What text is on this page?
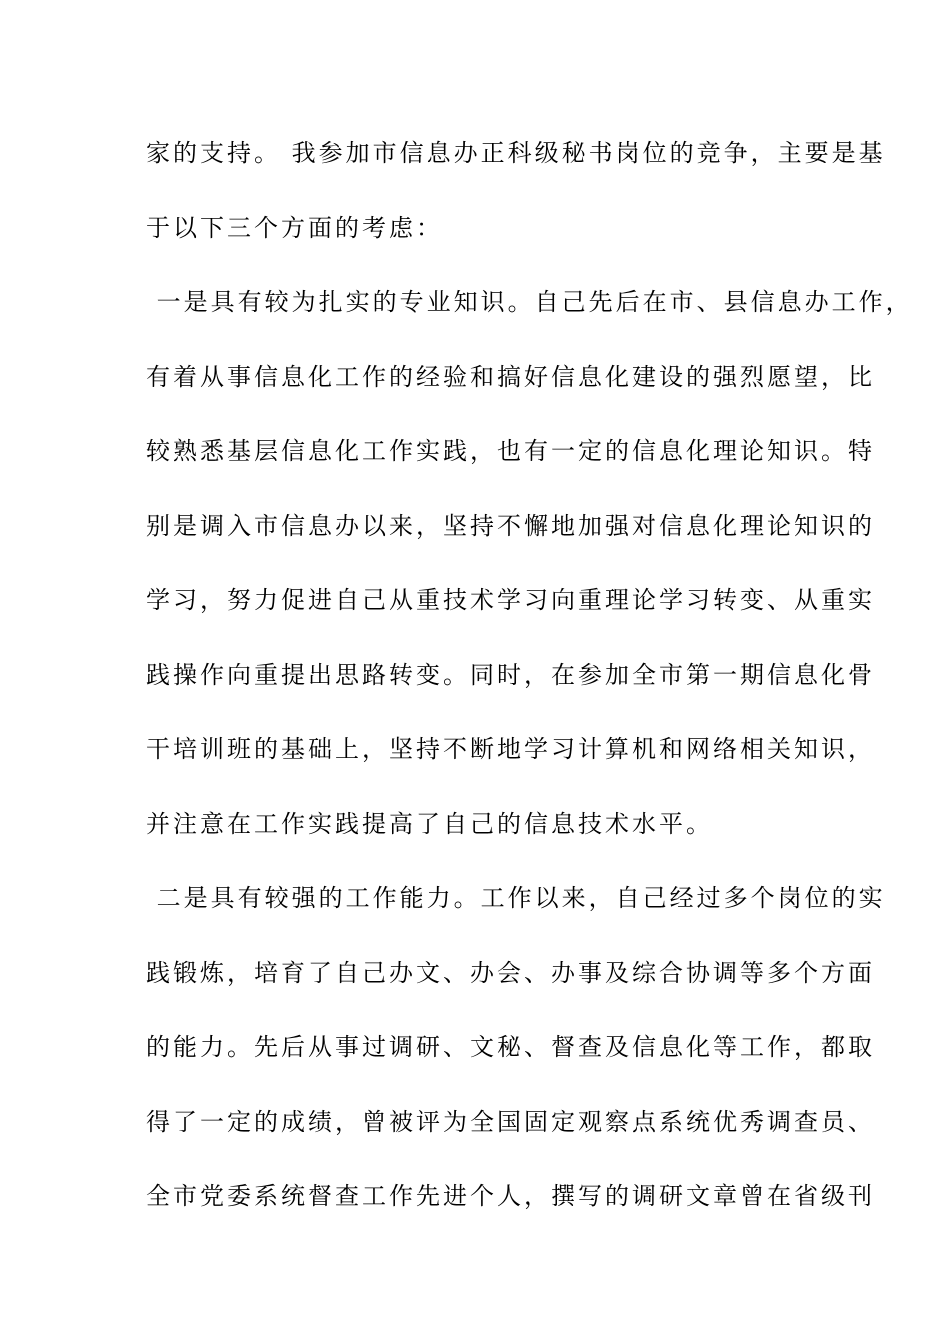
家的支持。 我参加市信息办正科级秘书岗位的竞争，主要是基
于以下三个方面的考虑：
一是具有较为扎实的专业知识。自己先后在市、县信息办工作，
有着从事信息化工作的经验和搞好信息化建设的强烈愿望，比
较熟悉基层信息化工作实践，也有一定的信息化理论知识。特
别是调入市信息办以来，坚持不懈地加强对信息化理论知识的
学习，努力促进自己从重技术学习向重理论学习转变、从重实
践操作向重提出思路转变。同时，在参加全市第一期信息化骨
干培训班的基础上，坚持不断地学习计算机和网络相关知识，
并注意在工作实践提高了自己的信息技术水平。
二是具有较强的工作能力。工作以来，自己经过多个岗位的实
践锻炼，培育了自己办文、办会、办事及综合协调等多个方面
的能力。先后从事过调研、文秘、督查及信息化等工作，都取
得了一定的成绩，曾被评为全国固定观察点系统优秀调查员、
全市党委系统督查工作先进个人，撰写的调研文章曾在省级刊
